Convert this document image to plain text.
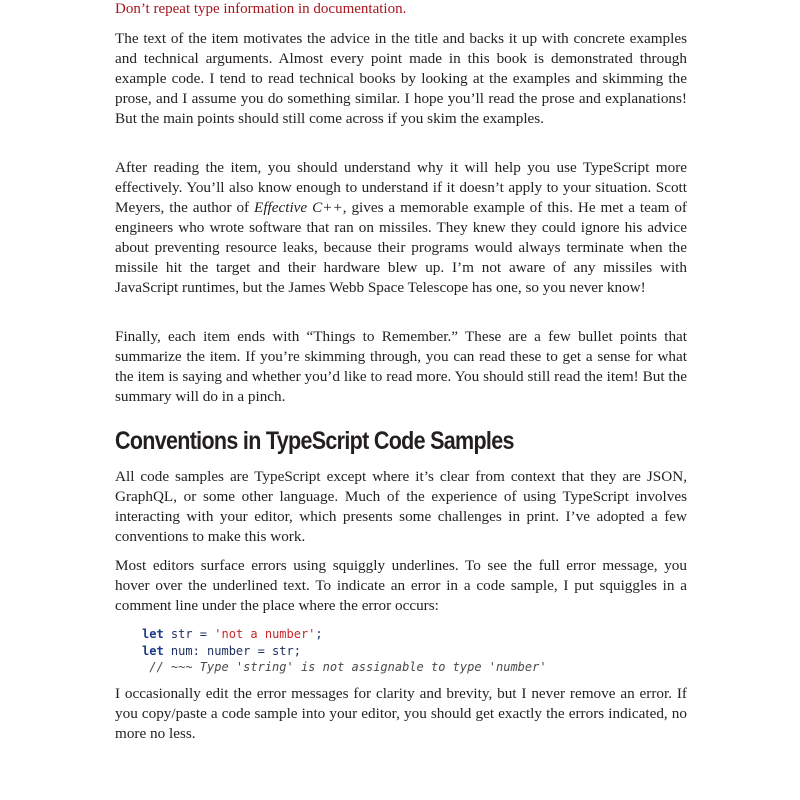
Don’t repeat type information in documentation.

The text of the item motivates the advice in the title and backs it up with concrete examples and technical arguments. Almost every point made in this book is demonstrated through example code. I tend to read technical books by looking at the examples and skimming the prose, and I assume you do something similar. I hope you’ll read the prose and explanations! But the main points should still come across if you skim the examples.

After reading the item, you should understand why it will help you use TypeScript more effectively. You’ll also know enough to understand if it doesn’t apply to your situation. Scott Meyers, the author of Effective C++, gives a memorable example of this. He met a team of engineers who wrote software that ran on missiles. They knew they could ignore his advice about preventing resource leaks, because their programs would always terminate when the missile hit the target and their hardware blew up. I’m not aware of any missiles with JavaScript runtimes, but the James Webb Space Telescope has one, so you never know!

Finally, each item ends with “Things to Remember.” These are a few bullet points that summarize the item. If you’re skimming through, you can read these to get a sense for what the item is saying and whether you’d like to read more. You should still read the item! But the summary will do in a pinch.

Conventions in TypeScript Code Samples

All code samples are TypeScript except where it’s clear from context that they are JSON, GraphQL, or some other language. Much of the experience of using TypeScript involves interacting with your editor, which presents some challenges in print. I’ve adopted a few conventions to make this work.

Most editors surface errors using squiggly underlines. To see the full error message, you hover over the underlined text. To indicate an error in a code sample, I put squiggles in a comment line under the place where the error occurs:

let str = 'not a number';
let num: number = str;
// ~~~ Type 'string' is not assignable to type 'number'

I occasionally edit the error messages for clarity and brevity, but I never remove an error. If you copy/paste a code sample into your editor, you should get exactly the errors indicated, no more no less.
